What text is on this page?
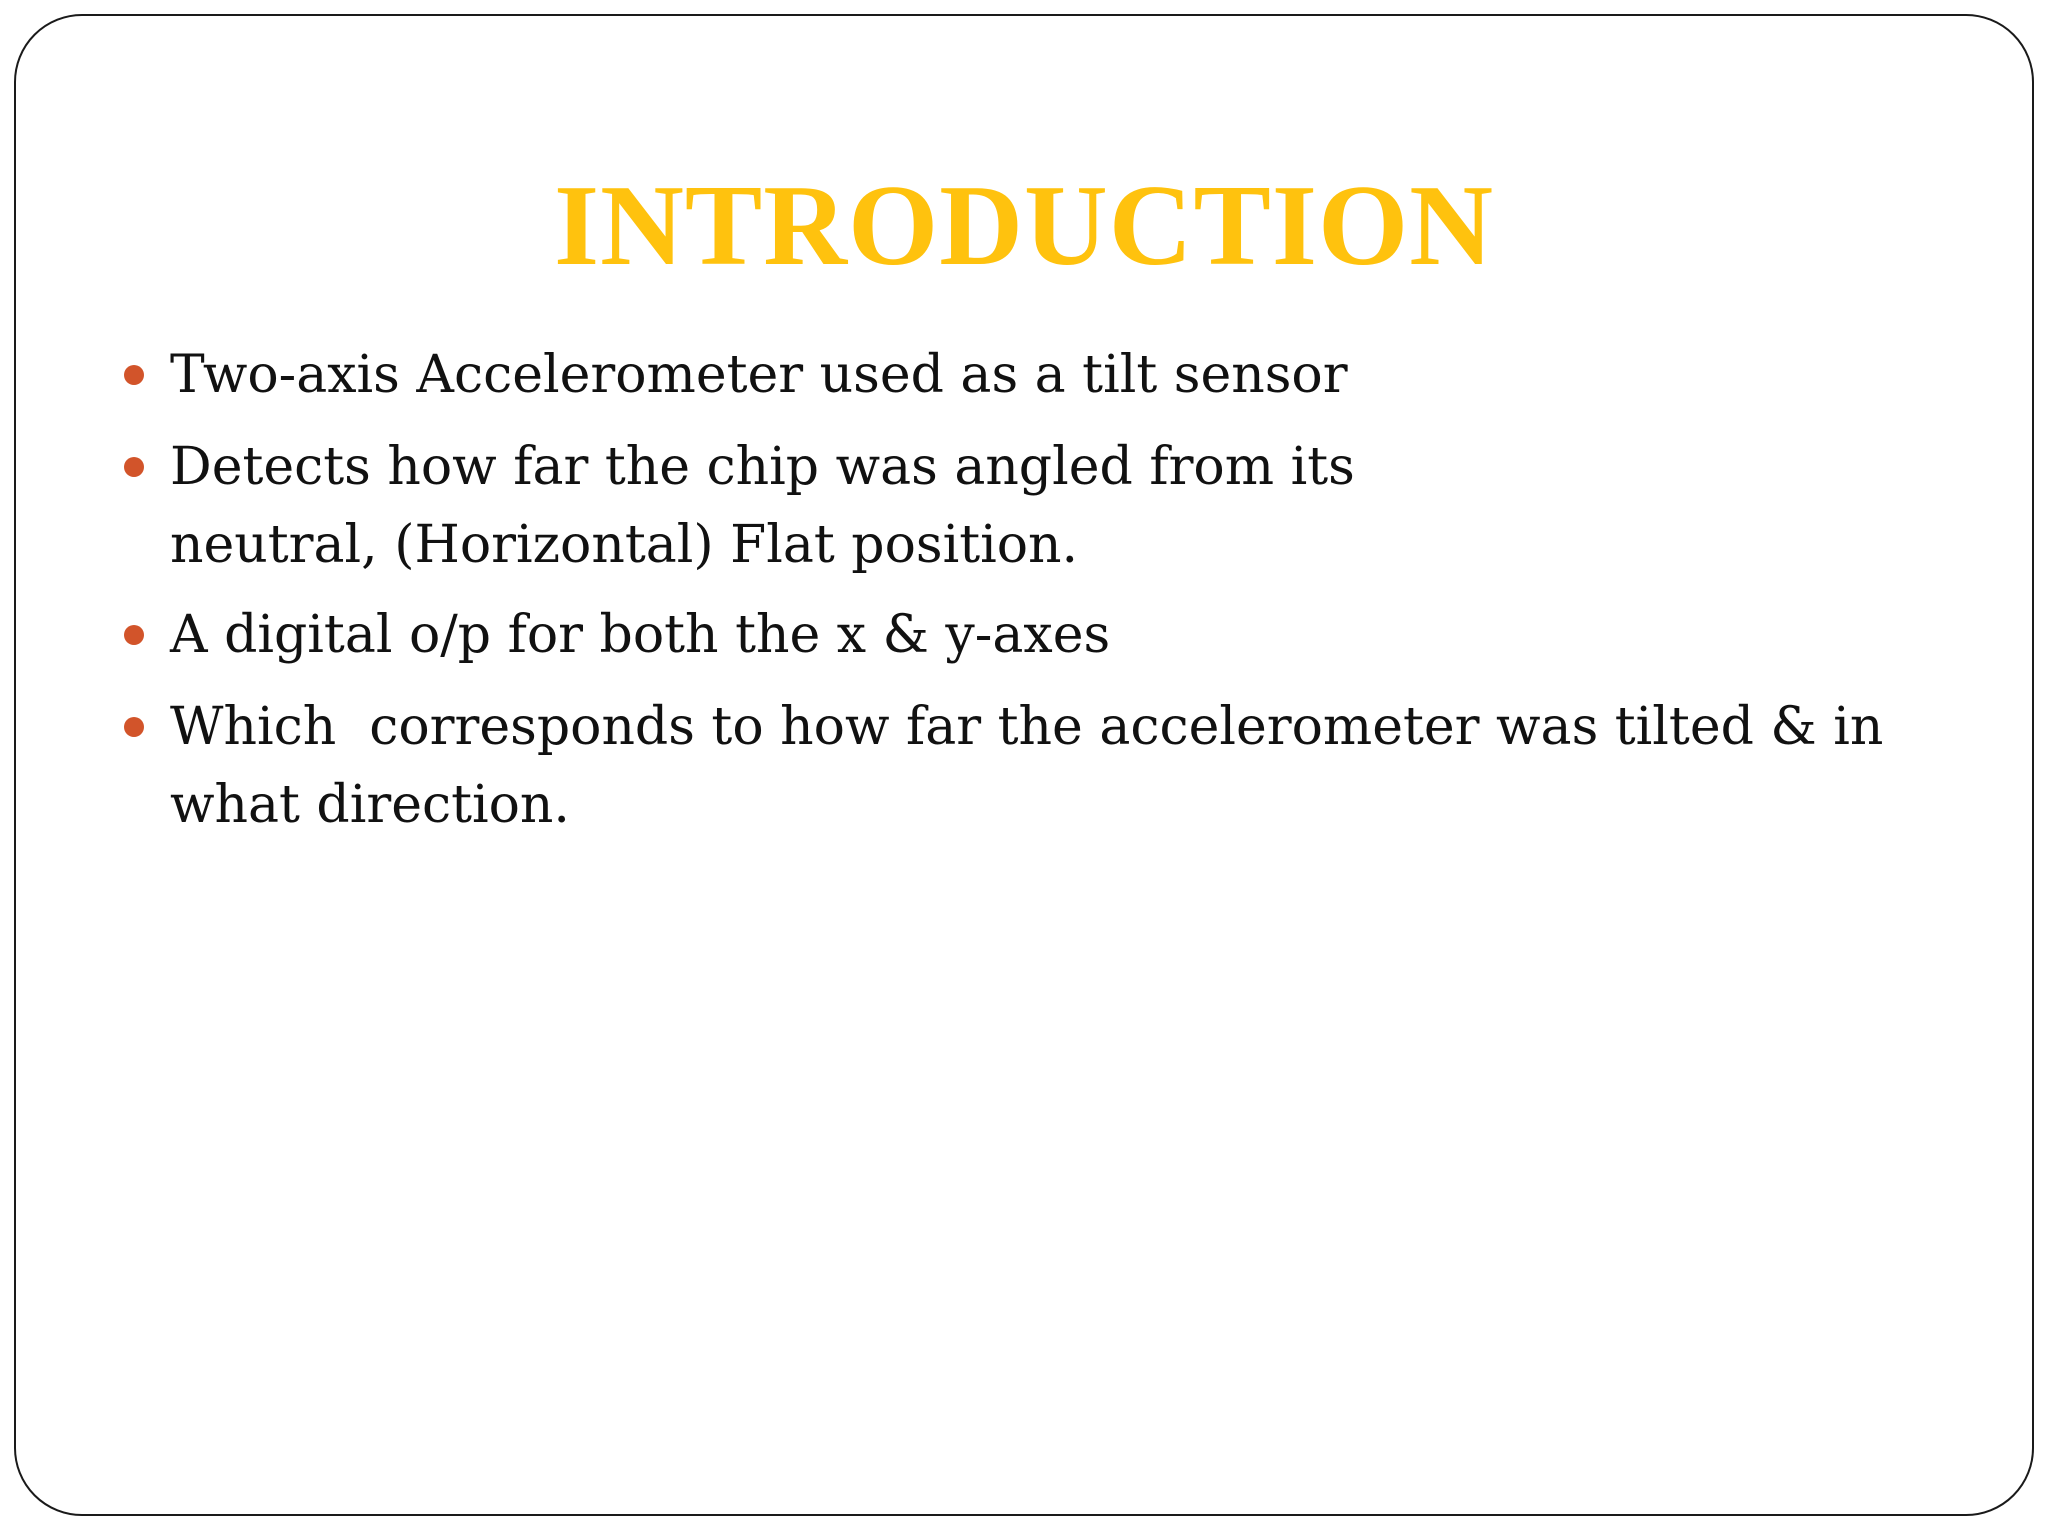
INTRODUCTION
Two-axis Accelerometer used as a tilt sensor
Detects how far the chip was angled from its
neutral, (Horizontal) Flat position.
A digital o/p for both the x & y-axes
Which  corresponds to how far the accelerometer was tilted & in
what direction.
